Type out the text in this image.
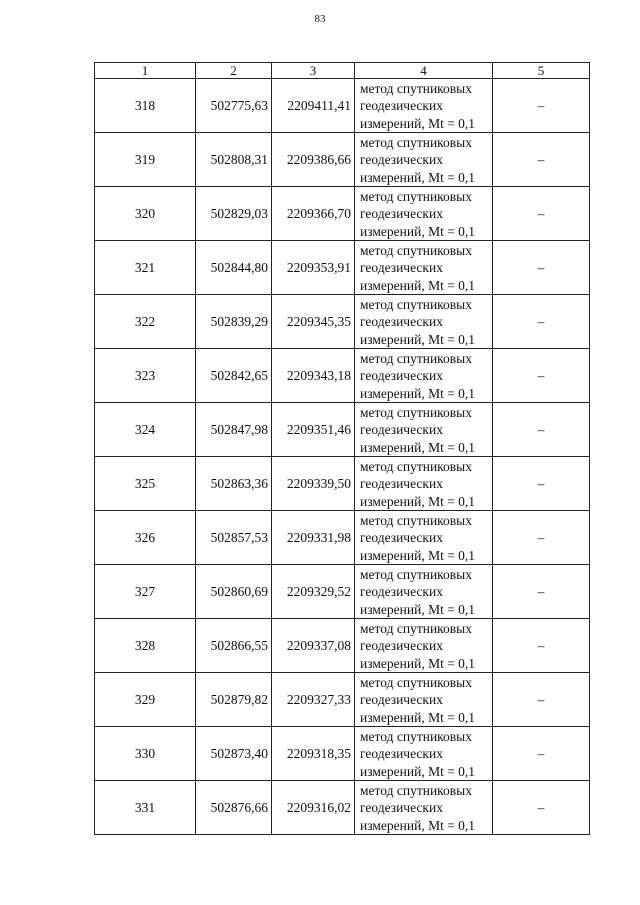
83
1	2	3	4	5
318	502775,63	2209411,41	метод спутниковых
геодезических
измерений, Mt = 0,1	–
319	502808,31	2209386,66	метод спутниковых
геодезических
измерений, Mt = 0,1	–
320	502829,03	2209366,70	метод спутниковых
геодезических
измерений, Mt = 0,1	–
321	502844,80	2209353,91	метод спутниковых
геодезических
измерений, Mt = 0,1	–
322	502839,29	2209345,35	метод спутниковых
геодезических
измерений, Mt = 0,1	–
323	502842,65	2209343,18	метод спутниковых
геодезических
измерений, Mt = 0,1	–
324	502847,98	2209351,46	метод спутниковых
геодезических
измерений, Mt = 0,1	–
325	502863,36	2209339,50	метод спутниковых
геодезических
измерений, Mt = 0,1	–
326	502857,53	2209331,98	метод спутниковых
геодезических
измерений, Mt = 0,1	–
327	502860,69	2209329,52	метод спутниковых
геодезических
измерений, Mt = 0,1	–
328	502866,55	2209337,08	метод спутниковых
геодезических
измерений, Mt = 0,1	–
329	502879,82	2209327,33	метод спутниковых
геодезических
измерений, Mt = 0,1	–
330	502873,40	2209318,35	метод спутниковых
геодезических
измерений, Mt = 0,1	–
331	502876,66	2209316,02	метод спутниковых
геодезических
измерений, Mt = 0,1	–
